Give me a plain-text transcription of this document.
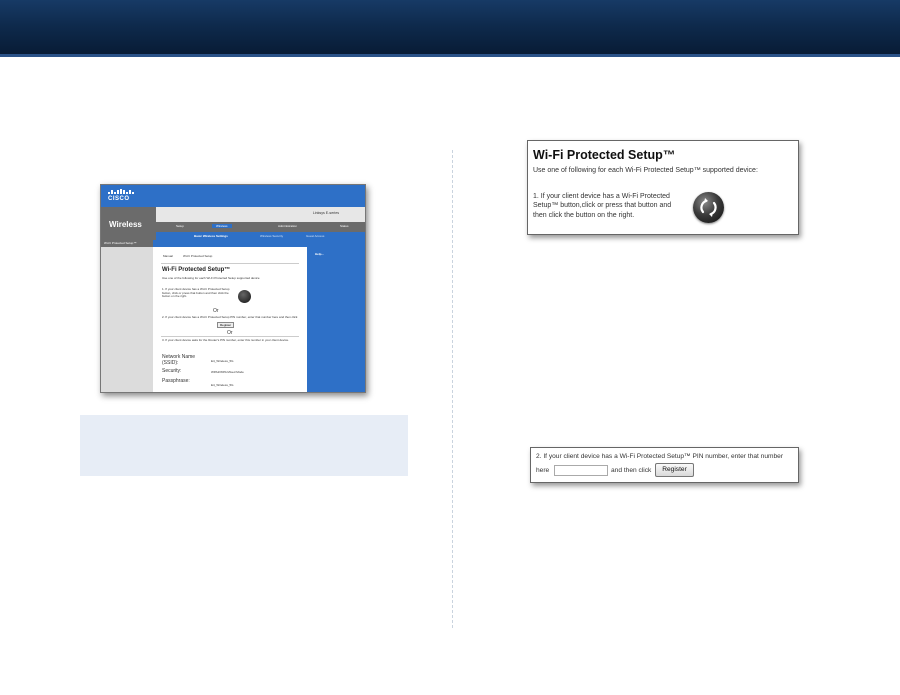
CISCO
Wireless
Linksys E-series
Setup	Wireless	Administration	Status
Basic Wireless Settings	Wireless Security	Guest Access
Wi-Fi Protected Setup™
Help...
Manual	Wi-Fi Protected Setup
Wi-Fi Protected Setup™
Use one of the following for each Wi-Fi Protected Setup supported device
1. If your client device has a Wi-Fi Protected Setup button, click or press that button and then click the button on the right.
Or
2. If your client device has a Wi-Fi Protected Setup PIN number, enter that number here and then click
Register
Or
3. If your client device asks for the Router's PIN number, enter this number in your client device.
Network Name (SSID):	E4_Wireless_5G
Security:	WPA2/WPA Mixed Mode
Passphrase:
E4_Wireless_5G
Wi-Fi Protected Setup™
Use one of following for each Wi-Fi Protected Setup™ supported device:
1. If your client device has a Wi-Fi Protected Setup™ button,click or press that button and then click the button on the right.
2. If your client device has a Wi-Fi Protected Setup™ PIN number, enter that number
here	and then click	Register
